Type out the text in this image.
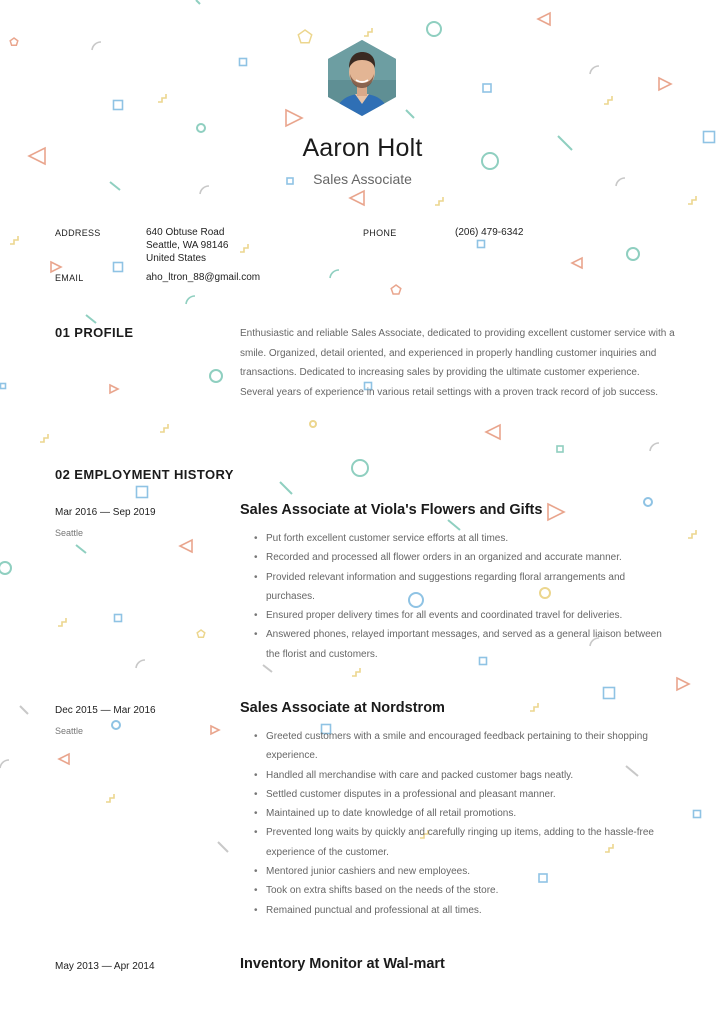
Aaron Holt
Sales Associate
ADDRESS	640 Obtuse Road
Seattle, WA 98146
United States
PHONE	(206) 479-6342
EMAIL	aho_ltron_88@gmail.com
01 PROFILE	Enthusiastic and reliable Sales Associate, dedicated to providing excellent customer service with a smile. Organized, detail oriented, and experienced in properly handling customer inquiries and transactions. Dedicated to increasing sales by providing the ultimate customer experience. Several years of experience in various retail settings with a proven track record of job success.

02 EMPLOYMENT HISTORY
Mar 2016 — Sep 2019
Seattle
Sales Associate at Viola's Flowers and Gifts
• Put forth excellent customer service efforts at all times.
• Recorded and processed all flower orders in an organized and accurate manner.
• Provided relevant information and suggestions regarding floral arrangements and purchases.
• Ensured proper delivery times for all events and coordinated travel for deliveries.
• Answered phones, relayed important messages, and served as a general liaison between the florist and customers.
Dec 2015 — Mar 2016
Seattle
Sales Associate at Nordstrom
• Greeted customers with a smile and encouraged feedback pertaining to their shopping experience.
• Handled all merchandise with care and packed customer bags neatly.
• Settled customer disputes in a professional and pleasant manner.
• Maintained up to date knowledge of all retail promotions.
• Prevented long waits by quickly and carefully ringing up items, adding to the hassle-free experience of the customer.
• Mentored junior cashiers and new employees.
• Took on extra shifts based on the needs of the store.
• Remained punctual and professional at all times.
May 2013 — Apr 2014	Inventory Monitor at Wal-mart
